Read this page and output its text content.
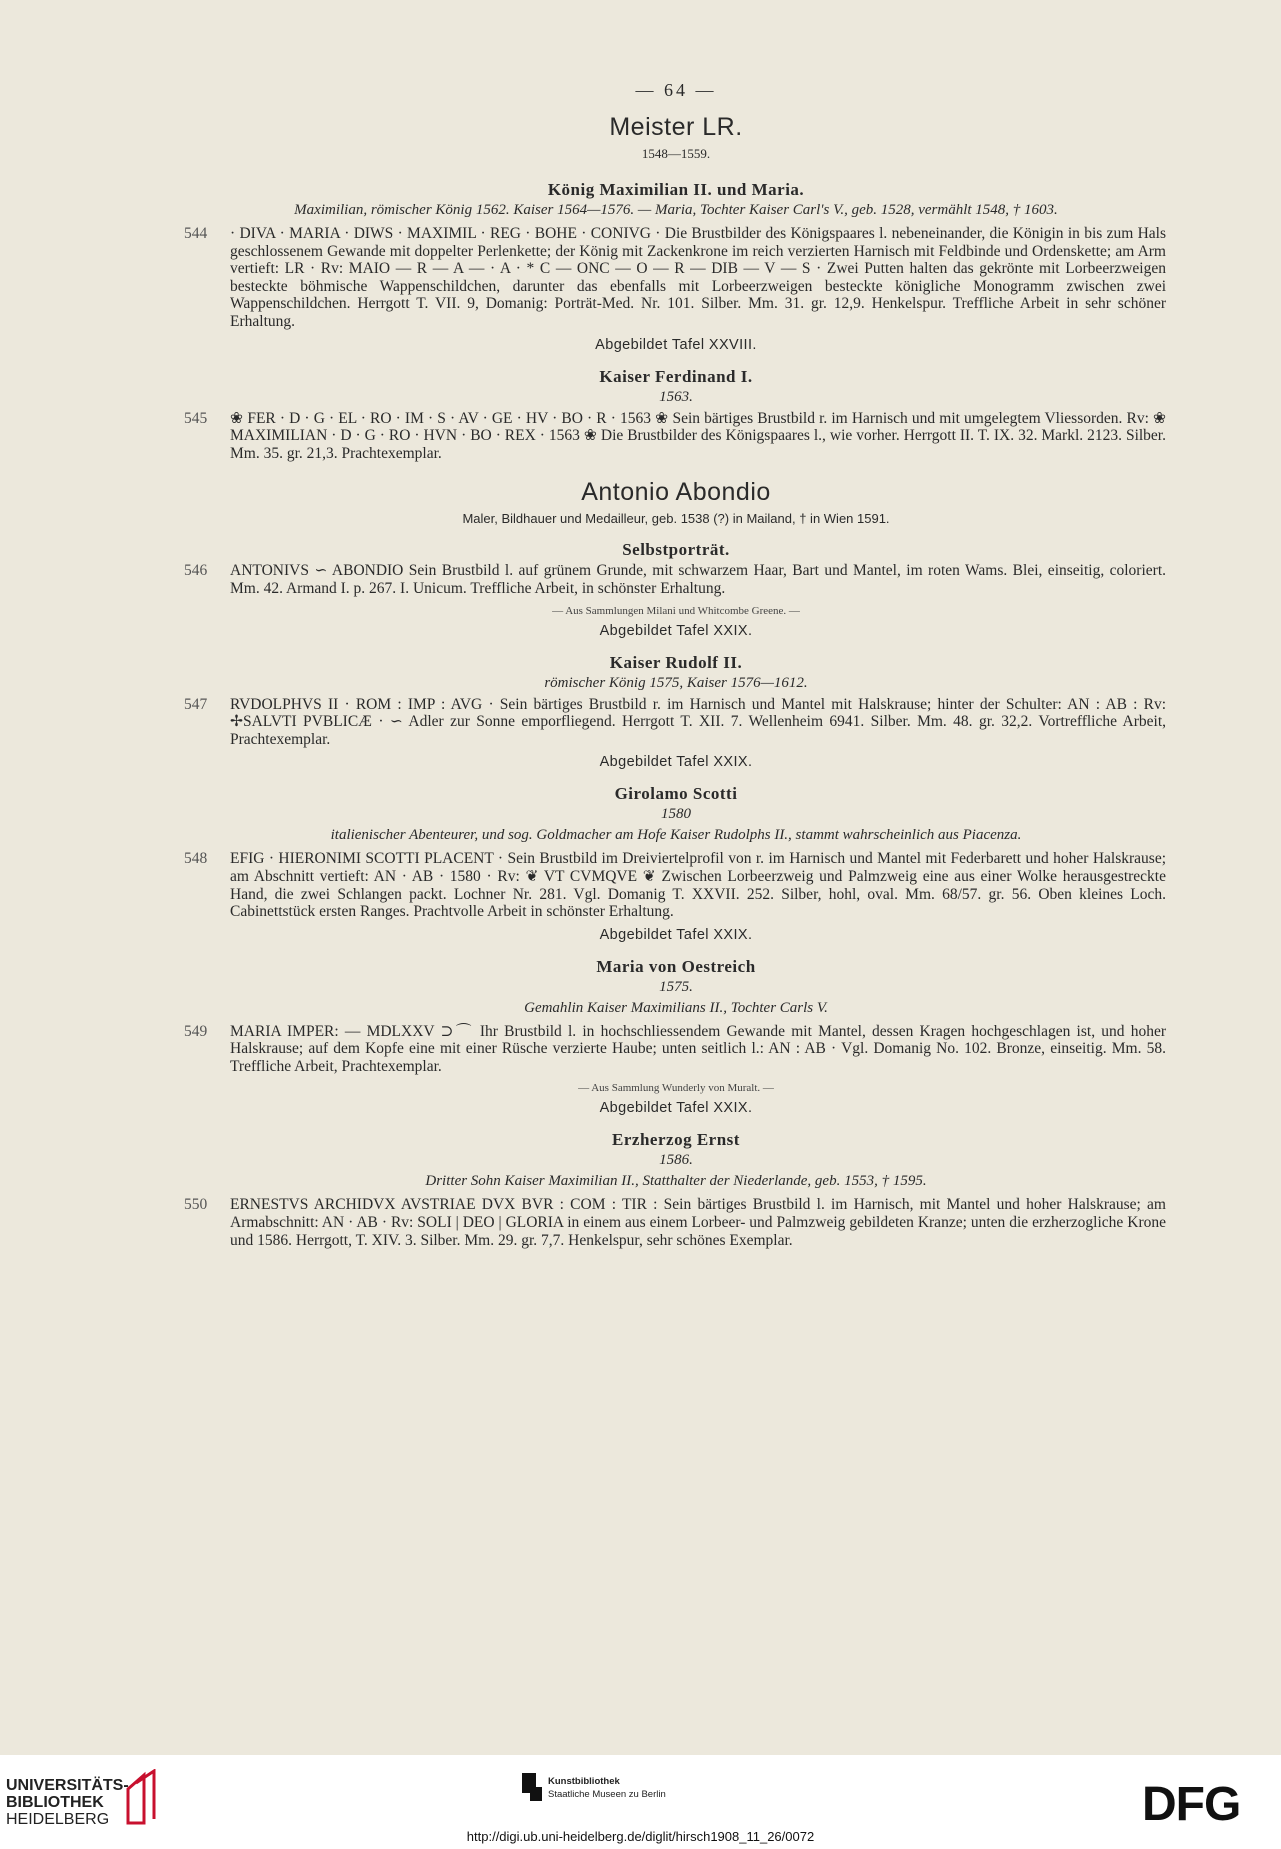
— 64 —
Meister LR.
1548—1559.
König Maximilian II. und Maria.
Maximilian, römischer König 1562. Kaiser 1564—1576. — Maria, Tochter Kaiser Carl's V., geb. 1528, vermählt 1548, † 1603.
544	· DIVA · MARIA · DIWS · MAXIMIL · REG · BOHE · CONIVG · Die Brustbilder des Königspaares l. nebeneinander, die Königin in bis zum Hals geschlossenem Gewande mit doppelter Perlenkette; der König mit Zackenkrone im reich verzierten Harnisch mit Feldbinde und Ordenskette; am Arm vertieft: LR · Rv: MAIO — R — A — · A · * C — ONC — O — R — DIB — V — S · Zwei Putten halten das gekrönte mit Lorbeerzweigen besteckte böhmische Wappenschildchen, darunter das ebenfalls mit Lorbeerzweigen besteckte königliche Monogramm zwischen zwei Wappenschildchen. Herrgott T. VII. 9, Domanig: Porträt-Med. Nr. 101. Silber. Mm. 31. gr. 12,9. Henkelspur. Treffliche Arbeit in sehr schöner Erhaltung.
Abgebildet Tafel XXVIII.
Kaiser Ferdinand I.
1563.
545	❀ FER · D · G · EL · RO · IM · S · AV · GE · HV · BO · R · 1563 ❀ Sein bärtiges Brustbild r. im Harnisch und mit umgelegtem Vliessorden. Rv: ❀ MAXIMILIAN · D · G · RO · HVN · BO · REX · 1563 ❀ Die Brustbilder des Königspaares l., wie vorher. Herrgott II. T. IX. 32. Markl. 2123. Silber. Mm. 35. gr. 21,3. Prachtexemplar.
Antonio Abondio
Maler, Bildhauer und Medailleur, geb. 1538 (?) in Mailand, † in Wien 1591.
Selbstporträt.
546	ANTONIVS ∽ ABONDIO Sein Brustbild l. auf grünem Grunde, mit schwarzem Haar, Bart und Mantel, im roten Wams. Blei, einseitig, coloriert. Mm. 42. Armand I. p. 267. I. Unicum. Treffliche Arbeit, in schönster Erhaltung.
— Aus Sammlungen Milani und Whitcombe Greene. —
Abgebildet Tafel XXIX.
Kaiser Rudolf II.
römischer König 1575, Kaiser 1576—1612.
547	RVDOLPHVS II · ROM : IMP : AVG · Sein bärtiges Brustbild r. im Harnisch und Mantel mit Halskrause; hinter der Schulter: AN : AB : Rv: ✢SALVTI PVBLICÆ · ∽ Adler zur Sonne emporfliegend. Herrgott T. XII. 7. Wellenheim 6941. Silber. Mm. 48. gr. 32,2. Vortreffliche Arbeit, Prachtexemplar.
Abgebildet Tafel XXIX.
Girolamo Scotti
1580
italienischer Abenteurer, und sog. Goldmacher am Hofe Kaiser Rudolphs II., stammt wahrscheinlich aus Piacenza.
548	EFIG · HIERONIMI SCOTTI PLACENT · Sein Brustbild im Dreiviertelprofil von r. im Harnisch und Mantel mit Federbarett und hoher Halskrause; am Abschnitt vertieft: AN · AB · 1580 · Rv: ❦ VT CVMQVE ❦ Zwischen Lorbeerzweig und Palmzweig eine aus einer Wolke herausgestreckte Hand, die zwei Schlangen packt. Lochner Nr. 281. Vgl. Domanig T. XXVII. 252. Silber, hohl, oval. Mm. 68/57. gr. 56. Oben kleines Loch. Cabinettstück ersten Ranges. Prachtvolle Arbeit in schönster Erhaltung.
Abgebildet Tafel XXIX.
Maria von Oestreich
1575.
Gemahlin Kaiser Maximilians II., Tochter Carls V.
549	MARIA IMPER: — MDLXXV ⊃⌒ Ihr Brustbild l. in hochschliessendem Gewande mit Mantel, dessen Kragen hochgeschlagen ist, und hoher Halskrause; auf dem Kopfe eine mit einer Rüsche verzierte Haube; unten seitlich l.: AN : AB · Vgl. Domanig No. 102. Bronze, einseitig. Mm. 58. Treffliche Arbeit, Prachtexemplar.
— Aus Sammlung Wunderly von Muralt. —
Abgebildet Tafel XXIX.
Erzherzog Ernst
1586.
Dritter Sohn Kaiser Maximilian II., Statthalter der Niederlande, geb. 1553, † 1595.
550	ERNESTVS ARCHIDVX AVSTRIAE DVX BVR : COM : TIR : Sein bärtiges Brustbild l. im Harnisch, mit Mantel und hoher Halskrause; am Armabschnitt: AN · AB · Rv: SOLI | DEO | GLORIA in einem aus einem Lorbeer- und Palmzweig gebildeten Kranze; unten die erzherzogliche Krone und 1586. Herrgott, T. XIV. 3. Silber. Mm. 29. gr. 7,7. Henkelspur, sehr schönes Exemplar.
UNIVERSITÄTS-
BIBLIOTHEK
HEIDELBERG
Kunstbibliothek
Staatliche Museen zu Berlin	DFG
http://digi.ub.uni-heidelberg.de/diglit/hirsch1908_11_26/0072
